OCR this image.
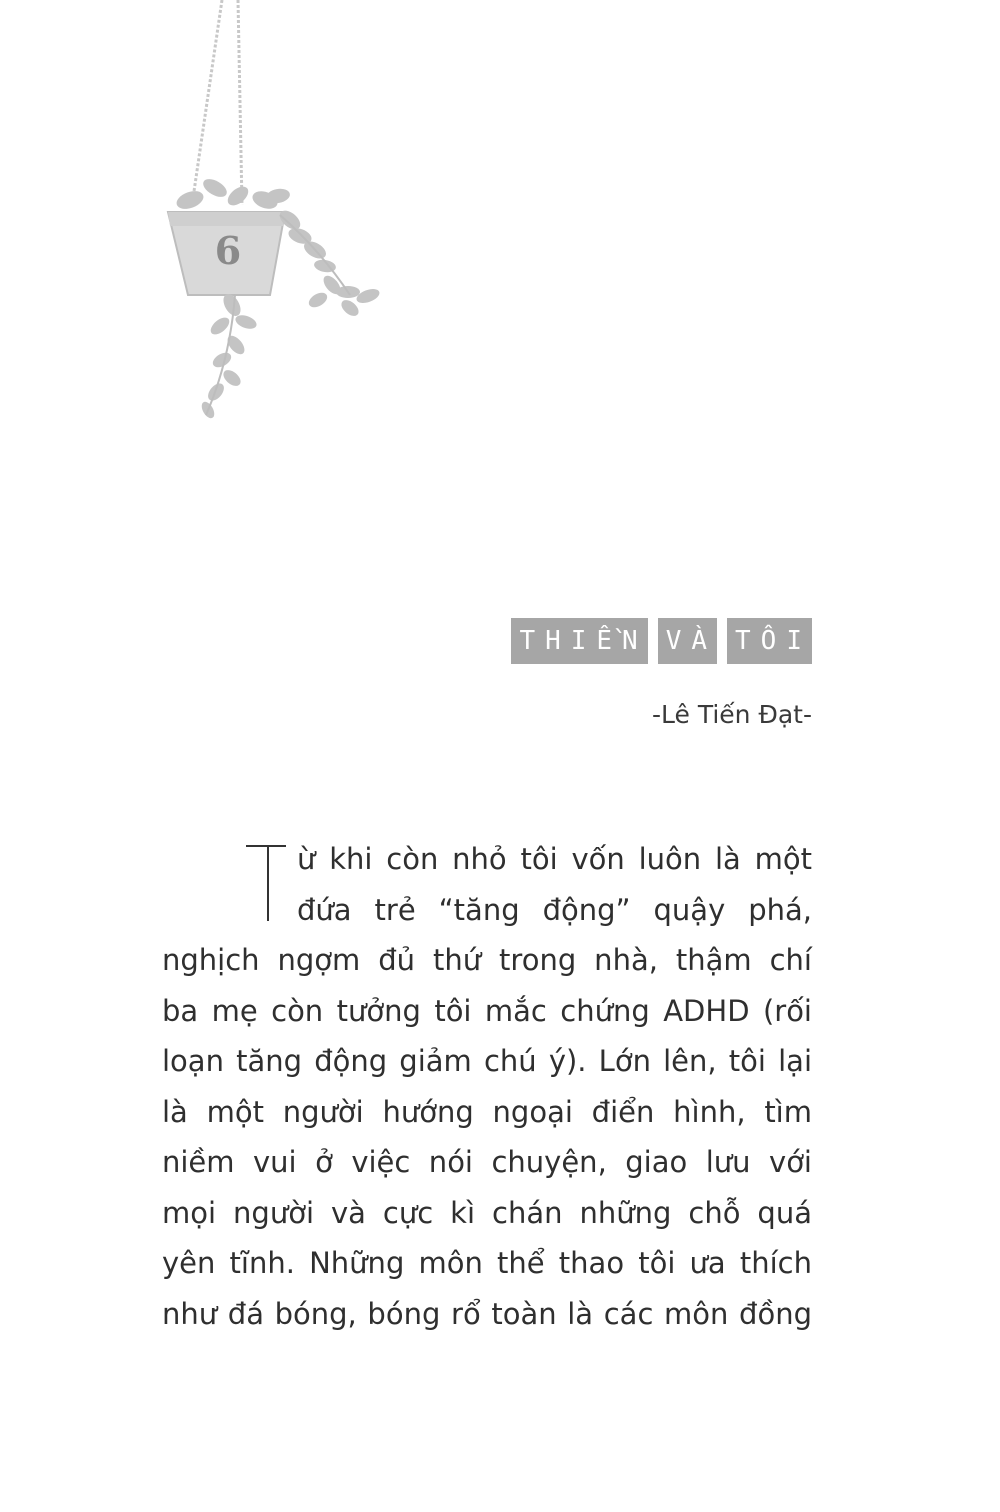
6
THIỀN VÀ TÔI
-Lê Tiến Đạt-
ừ khi còn nhỏ tôi vốn luôn là một
đứa trẻ “tăng động” quậy phá,
nghịch ngợm đủ thứ trong nhà, thậm chí
ba mẹ còn tưởng tôi mắc chứng ADHD (rối
loạn tăng động giảm chú ý). Lớn lên, tôi lại
là một người hướng ngoại điển hình, tìm
niềm vui ở việc nói chuyện, giao lưu với
mọi người và cực kì chán những chỗ quá
yên tĩnh. Những môn thể thao tôi ưa thích
như đá bóng, bóng rổ toàn là các môn đồng
